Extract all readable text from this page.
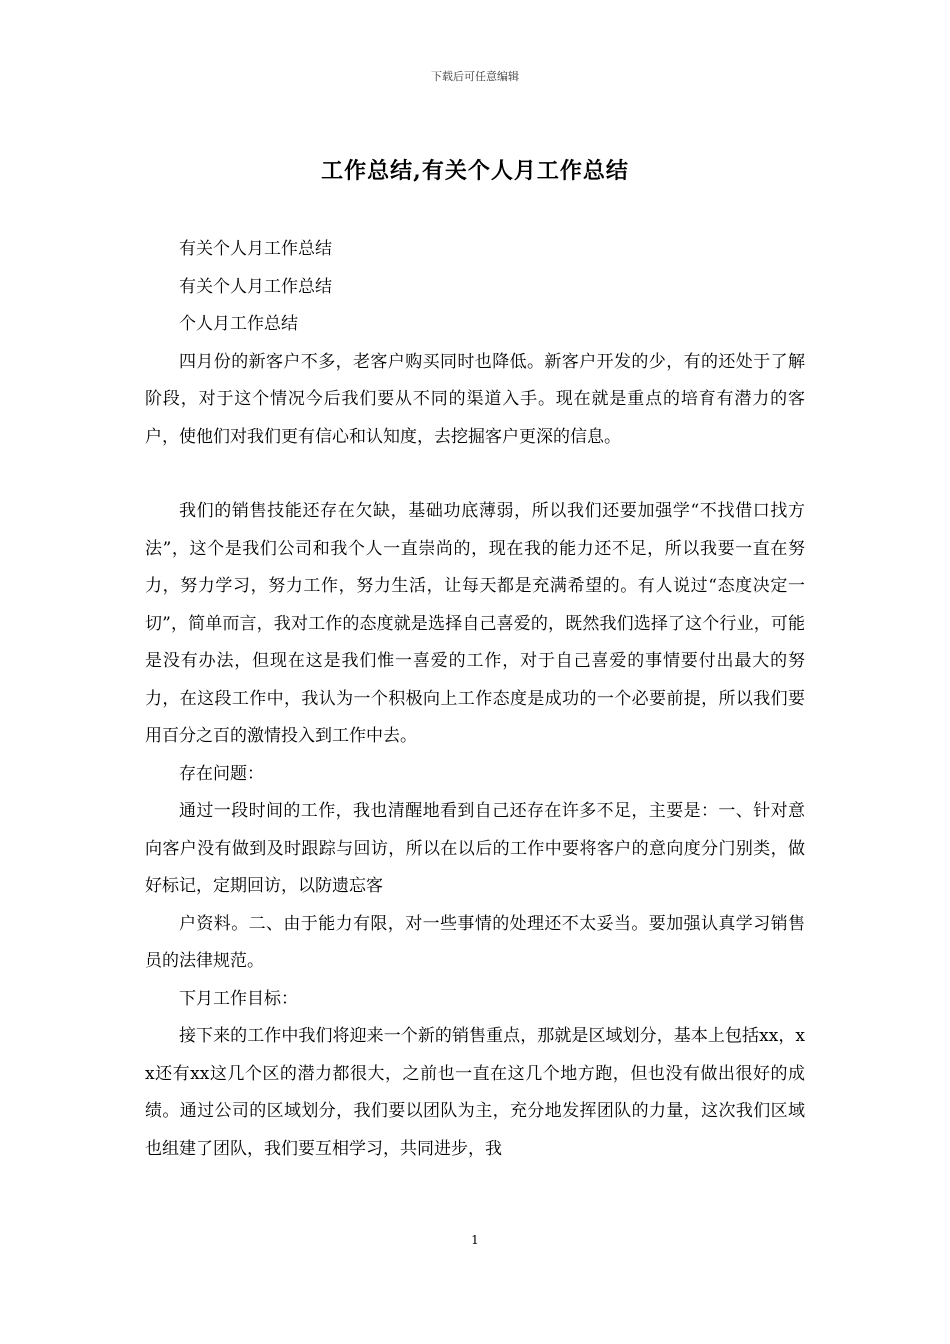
下载后可任意编辑
工作总结,有关个人月工作总结

有关个人月工作总结

有关个人月工作总结

个人月工作总结

四月份的新客户不多，老客户购买同时也降低。新客户开发的少，有的还处于了解阶段，对于这个情况今后我们要从不同的渠道入手。现在就是重点的培育有潜力的客户，使他们对我们更有信心和认知度，去挖掘客户更深的信息。

我们的销售技能还存在欠缺，基础功底薄弱，所以我们还要加强学“不找借口找方法”，这个是我们公司和我个人一直崇尚的，现在我的能力还不足，所以我要一直在努力，努力学习，努力工作，努力生活，让每天都是充满希望的。有人说过“态度决定一切”，简单而言，我对工作的态度就是选择自己喜爱的，既然我们选择了这个行业，可能是没有办法，但现在这是我们惟一喜爱的工作，对于自己喜爱的事情要付出最大的努力，在这段工作中，我认为一个积极向上工作态度是成功的一个必要前提，所以我们要用百分之百的激情投入到工作中去。

存在问题：

通过一段时间的工作，我也清醒地看到自己还存在许多不足，主要是：一、针对意向客户没有做到及时跟踪与回访，所以在以后的工作中要将客户的意向度分门别类，做好标记，定期回访，以防遗忘客

户资料。二、由于能力有限，对一些事情的处理还不太妥当。要加强认真学习销售员的法律规范。

下月工作目标：

接下来的工作中我们将迎来一个新的销售重点，那就是区域划分，基本上包括xx，xx还有xx这几个区的潜力都很大，之前也一直在这几个地方跑，但也没有做出很好的成绩。通过公司的区域划分，我们要以团队为主，充分地发挥团队的力量，这次我们区域也组建了团队，我们要互相学习，共同进步，我

1
